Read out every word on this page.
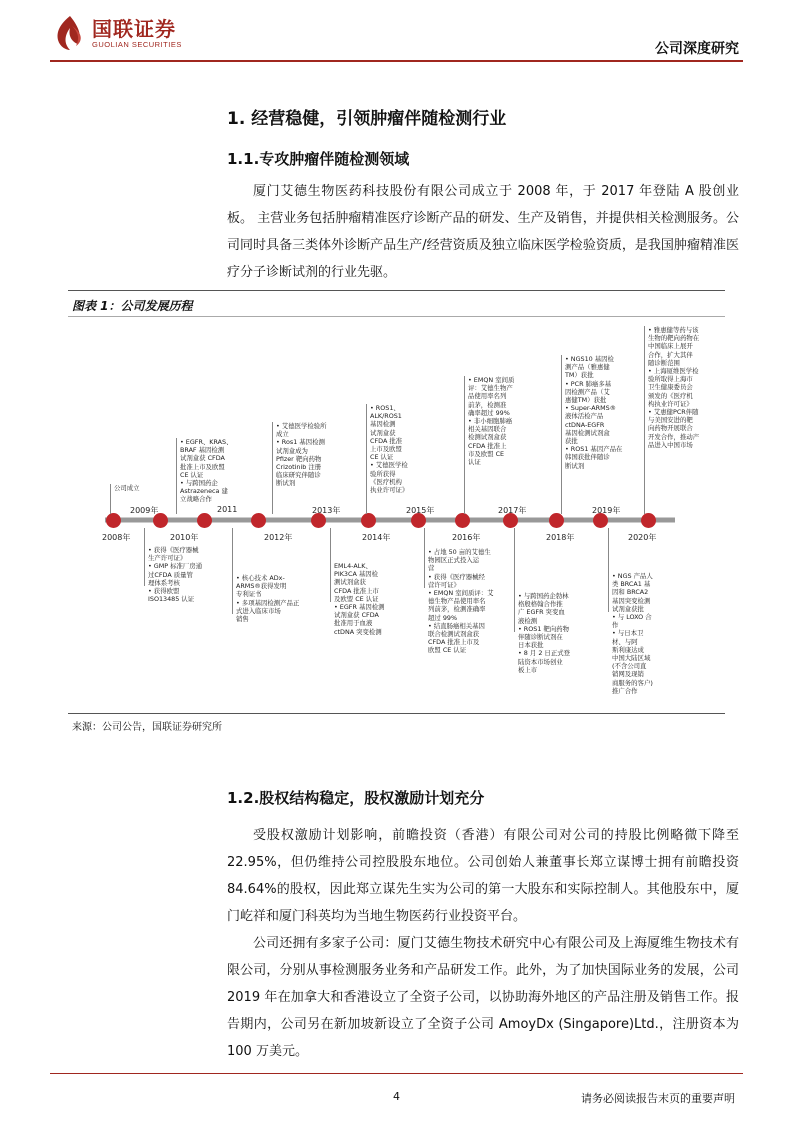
国联证券
GUOLIAN SECURITIES	公司深度研究
1. 经营稳健，引领肿瘤伴随检测行业
1.1.专攻肿瘤伴随检测领域
厦门艾德生物医药科技股份有限公司成立于 2008 年，于 2017 年登陆 A 股创业板。 主营业务包括肿瘤精准医疗诊断产品的研发、生产及销售，并提供相关检测服务。公司同时具备三类体外诊断产品生产/经营资质及独立临床医学检验资质，是我国肿瘤精准医疗分子诊断试剂的行业先驱。
图表 1：公司发展历程
2008年
2009年
2010年
2011
2012年
2013年
2014年
2015年
2016年
2017年
2018年
2019年
2020年
公司成立
• EGFR、KRAS、
BRAF 基因检测
试剂盒获 CFDA
批准上市及欧盟
CE 认证
• 与跨国药企
Astrazeneca 建
立战略合作
• 艾德医学检验所
成立
• Ros1 基因检测
试剂盒成为
Pfizer 靶向药物
Crizotinib 注册
临床研究伴随诊
断试剂
• ROS1、
ALK/ROS1
基因检测
试剂盒获
CFDA 批准
上市及欧盟
CE 认证
• 艾德医学检
验所获得
《医疗机构
执业许可证》
• EMQN 室间质
评：艾德生物产
品使用率名列
前茅，检测准
确率超过 99%
• 非小细胞肺癌
相关基因联合
检测试剂盒获
CFDA 批准上
市及欧盟 CE
认证
• NGS10 基因检
测产品（雅惠健
TM）获批
• PCR 肺癌多基
因检测产品（艾
惠健TM）获批
• Super-ARMS®
液体活检产品
ctDNA-EGFR
基因检测试剂盒
获批
• ROS1 基因产品在
韩国获批伴随诊
断试剂
• 雅惠健等药与该
生物的靶向药物在
中国临床上展开
合作，扩大其伴
随诊断范围
• 上海厦维医学检
验所取得上海市
卫生健康委员会
颁发的《医疗机
构执业许可证》
• 艾惠健PCR伴随
与美国安进的靶
向药物开展联合
开发合作，推动产
品进入中国市场
• 获得《医疗器械
生产许可证》
• GMP 标准厂房通
过CFDA 质量管
理体系考核
• 获得欧盟
ISO13485 认证
• 核心技术 ADx-
ARMS®获得发明
专利证书
• 多项基因检测产品正
式进入临床市场
销售
EML4-ALK、
PIK3CA 基因检
测试剂盒获
CFDA 批准上市
及欧盟 CE 认证
• EGFR 基因检测
试剂盒获 CFDA
批准用于血液
ctDNA 突变检测
• 占地 50 亩的艾德生
物园区正式投入运
营
• 获得《医疗器械经
营许可证》
• EMQN 室间质评：艾
德生物产品使用率名
列前茅，检测准确率
超过 99%
• 结直肠癌相关基因
联合检测试剂盒获
CFDA 批准上市及
欧盟 CE 认证
• 与跨国药企勃林
格殷格翰合作推
广 EGFR 突变血
液检测
• ROS1 靶向药物
伴随诊断试剂在
日本获批
• 8 月 2 日正式登
陆资本市场创业
板上市
• NGS 产品人
类 BRCA1 基
因和 BRCA2
基因突变检测
试剂盒获批
• 与 LOXO 合
作
• 与日本卫
材、与阿
斯利康达成
中国大陆区域
(不含公司直
销网及现销
商服务的客户)
推广合作
来源：公司公告，国联证券研究所
1.2.股权结构稳定，股权激励计划充分
受股权激励计划影响，前瞻投资（香港）有限公司对公司的持股比例略微下降至 22.95%，但仍维持公司控股股东地位。公司创始人兼董事长郑立谋博士拥有前瞻投资 84.64%的股权，因此郑立谋先生实为公司的第一大股东和实际控制人。其他股东中，厦门屹祥和厦门科英均为当地生物医药行业投资平台。
公司还拥有多家子公司：厦门艾德生物技术研究中心有限公司及上海厦维生物技术有限公司，分别从事检测服务业务和产品研发工作。此外，为了加快国际业务的发展，公司 2019 年在加拿大和香港设立了全资子公司，以协助海外地区的产品注册及销售工作。报告期内，公司另在新加坡新设立了全资子公司 AmoyDx (Singapore)Ltd.，注册资本为 100 万美元。
4	请务必阅读报告末页的重要声明
